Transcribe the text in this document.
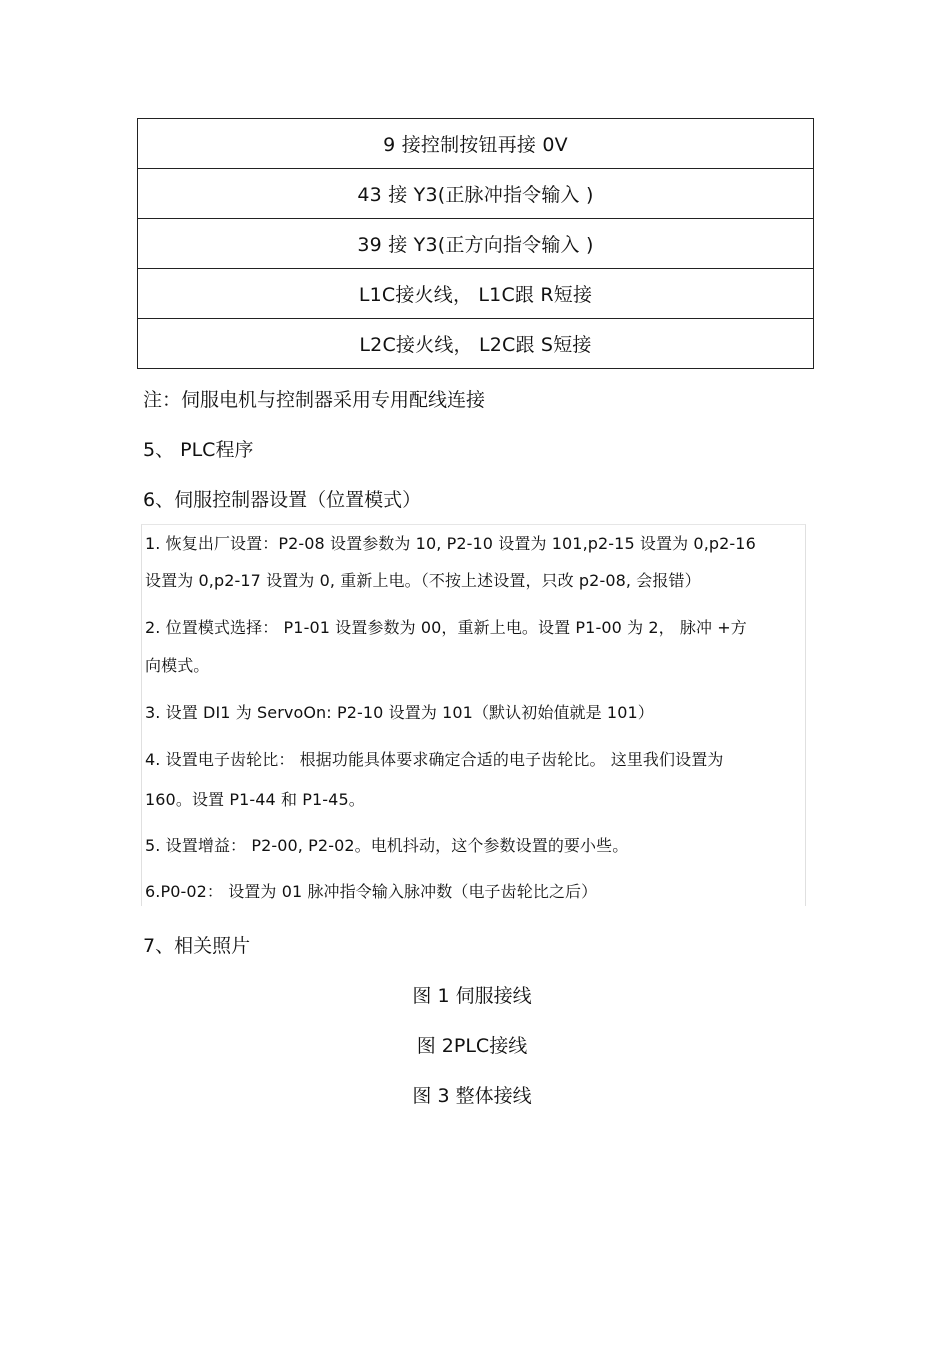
9 接控制按钮再接 0V
43 接 Y3(正脉冲指令输入 )
39 接 Y3(正方向指令输入 )
L1C接火线， L1C跟 R短接
L2C接火线， L2C跟 S短接
注：伺服电机与控制器采用专用配线连接
5、 PLC程序
6、伺服控制器设置（位置模式）

1. 恢复出厂设置：P2-08 设置参数为 10, P2-10 设置为 101,p2-15 设置为 0,p2-16

设置为 0,p2-17 设置为 0, 重新上电。（不按上述设置，只改 p2-08, 会报错）

2. 位置模式选择： P1-01 设置参数为 00，重新上电。设置 P1-00 为 2， 脉冲 +方

向模式。

3. 设置 DI1 为 ServoOn: P2-10 设置为 101（默认初始值就是 101）

4. 设置电子齿轮比： 根据功能具体要求确定合适的电子齿轮比。 这里我们设置为

160。设置 P1-44 和 P1-45。

5. 设置增益： P2-00, P2-02。电机抖动，这个参数设置的要小些。

6.P0-02： 设置为 01 脉冲指令输入脉冲数（电子齿轮比之后）

7、相关照片
图 1 伺服接线
图 2PLC接线
图 3 整体接线
